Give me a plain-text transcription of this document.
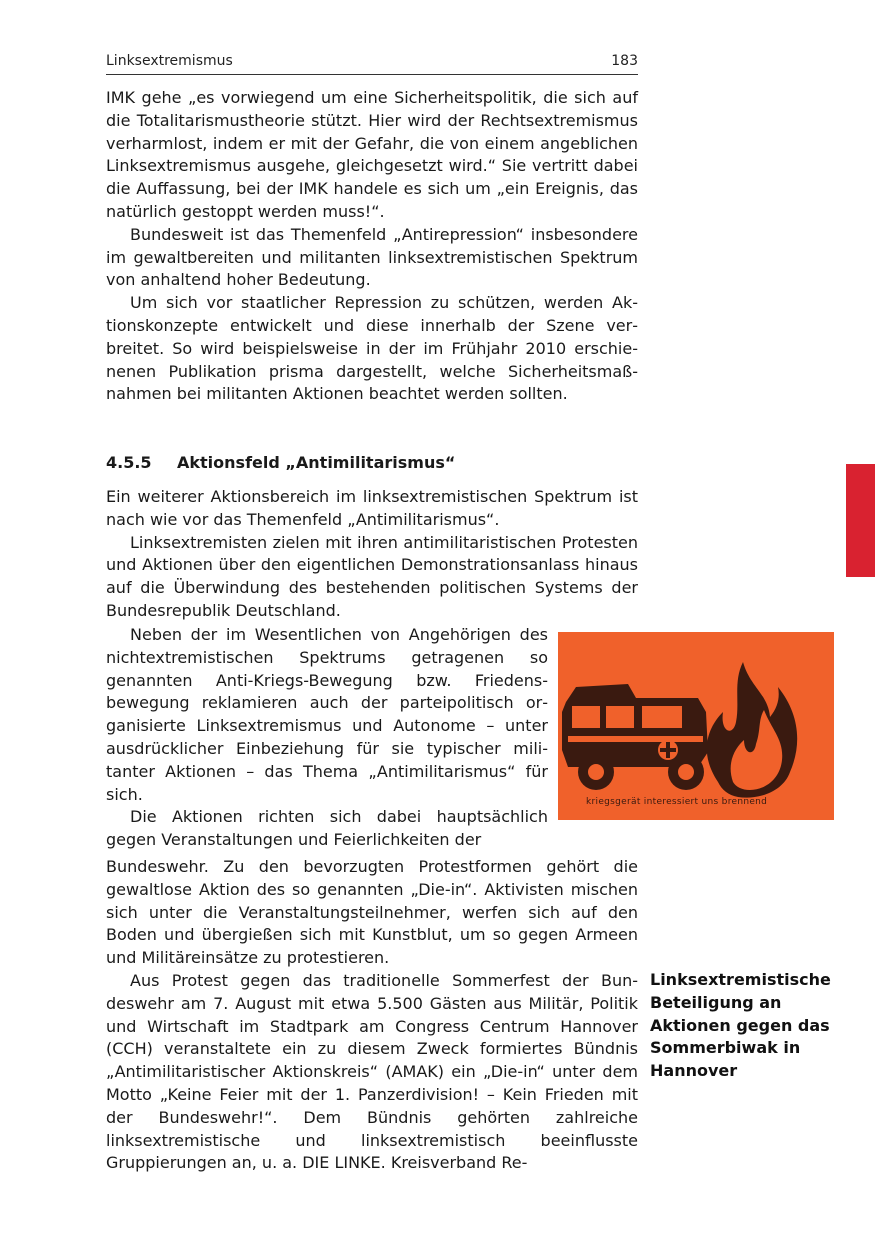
Linksextremismus	183

IMK gehe „es vorwiegend um eine Sicherheitspolitik, die sich auf die Totalitarismustheorie stützt. Hier wird der Rechtsextremismus verharmlost, indem er mit der Gefahr, die von einem angeblichen Linksextremismus ausgehe, gleichgesetzt wird.“ Sie vertritt dabei die Auffassung, bei der IMK handele es sich um „ein Ereignis, das natürlich gestoppt werden muss!“.

Bundesweit ist das Themenfeld „Antirepression“ insbesondere im gewaltbereiten und militanten linksextremistischen Spektrum von anhaltend hoher Bedeutung.

Um sich vor staatlicher Repression zu schützen, werden Aktionskonzepte entwickelt und diese innerhalb der Szene verbreitet. So wird beispielsweise in der im Frühjahr 2010 erschienenen Publikation prisma dargestellt, welche Sicherheitsmaßnahmen bei militanten Aktionen beachtet werden sollten.

4.5.5 Aktionsfeld „Antimilitarismus“

Ein weiterer Aktionsbereich im linksextremistischen Spektrum ist nach wie vor das Themenfeld „Antimilitarismus“.

Linksextremisten zielen mit ihren antimilitaristischen Protesten und Aktionen über den eigentlichen Demonstrationsanlass hinaus auf die Überwindung des bestehenden politischen Systems der Bundesrepublik Deutschland.

Neben der im Wesentlichen von Angehörigen des nichtextremistischen Spektrums getragenen so genannten Anti-Kriegs-Bewegung bzw. Friedensbewegung reklamieren auch der parteipolitisch organisierte Linksextremismus und Autonome – unter ausdrücklicher Einbeziehung für sie typischer militanter Aktionen – das Thema „Antimilitarismus“ für sich.

Die Aktionen richten sich dabei hauptsächlich gegen Veranstaltungen und Feierlichkeiten der

kriegsgerät interessiert uns brennend

Bundeswehr. Zu den bevorzugten Protestformen gehört die gewaltlose Aktion des so genannten „Die-in“. Aktivisten mischen sich unter die Veranstaltungsteilnehmer, werfen sich auf den Boden und übergießen sich mit Kunstblut, um so gegen Armeen und Militäreinsätze zu protestieren.

Aus Protest gegen das traditionelle Sommerfest der Bundeswehr am 7. August mit etwa 5.500 Gästen aus Militär, Politik und Wirtschaft im Stadtpark am Congress Centrum Hannover (CCH) veranstaltete ein zu diesem Zweck formiertes Bündnis „Antimilitaristischer Aktionskreis“ (AMAK) ein „Die-in“ unter dem Motto „Keine Feier mit der 1. Panzerdivision! – Kein Frieden mit der Bundeswehr!“. Dem Bündnis gehörten zahlreiche linksextremistische und linksextremistisch beeinflusste Gruppierungen an, u. a. DIE LINKE. Kreisverband Re-

Linksextremistische Beteiligung an Aktionen gegen das Sommerbiwak in Hannover
